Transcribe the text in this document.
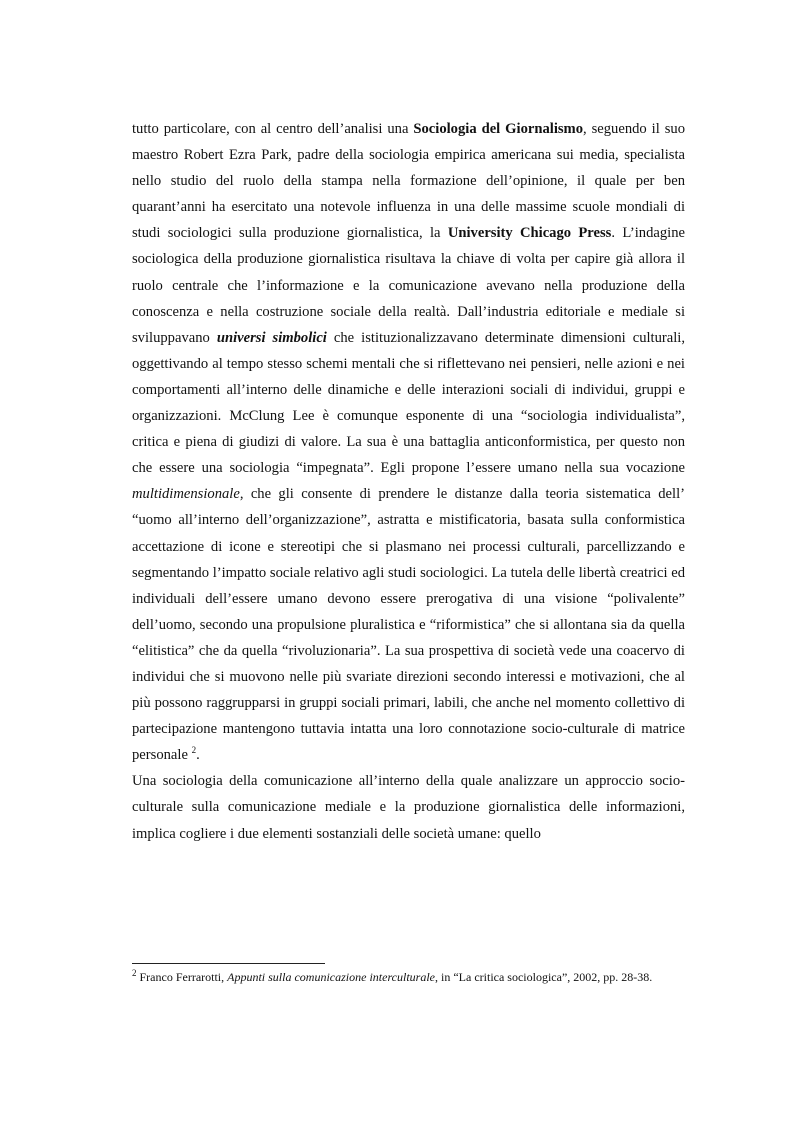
tutto particolare, con al centro dell’analisi una Sociologia del Giornalismo, seguendo il suo maestro Robert Ezra Park, padre della sociologia empirica americana sui media, specialista nello studio del ruolo della stampa nella formazione dell’opinione, il quale per ben quarant’anni ha esercitato una notevole influenza in una delle massime scuole mondiali di studi sociologici sulla produzione giornalistica, la University Chicago Press. L’indagine sociologica della produzione giornalistica risultava la chiave di volta per capire già allora il ruolo centrale che l’informazione e la comunicazione avevano nella produzione della conoscenza e nella costruzione sociale della realtà. Dall’industria editoriale e mediale si sviluppavano universi simbolici che istituzionalizzavano determinate dimensioni culturali, oggettivando al tempo stesso schemi mentali che si riflettevano nei pensieri, nelle azioni e nei comportamenti all’interno delle dinamiche e delle interazioni sociali di individui, gruppi e organizzazioni. McClung Lee è comunque esponente di una “sociologia individualista”, critica e piena di giudizi di valore. La sua è una battaglia anticonformistica, per questo non che essere una sociologia “impegnata”. Egli propone l’essere umano nella sua vocazione multidimensionale, che gli consente di prendere le distanze dalla teoria sistematica dell’ “uomo all’interno dell’organizzazione”, astratta e mistificatoria, basata sulla conformistica accettazione di icone e stereotipi che si plasmano nei processi culturali, parcellizzando e segmentando l’impatto sociale relativo agli studi sociologici. La tutela delle libertà creatrici ed individuali dell’essere umano devono essere prerogativa di una visione “polivalente” dell’uomo, secondo una propulsione pluralistica e “riformistica” che si allontana sia da quella “elitistica” che da quella “rivoluzionaria”. La sua prospettiva di società vede una coacervo di individui che si muovono nelle più svariate direzioni secondo interessi e motivazioni, che al più possono raggrupparsi in gruppi sociali primari, labili, che anche nel momento collettivo di partecipazione mantengono tuttavia intatta una loro connotazione socio-culturale di matrice personale $^2$.

Una sociologia della comunicazione all’interno della quale analizzare un approccio socio-culturale sulla comunicazione mediale e la produzione giornalistica delle informazioni, implica cogliere i due elementi sostanziali delle società umane: quello

$^2$ Franco Ferrarotti, Appunti sulla comunicazione interculturale, in “La critica sociologica”, 2002, pp. 28-38.
